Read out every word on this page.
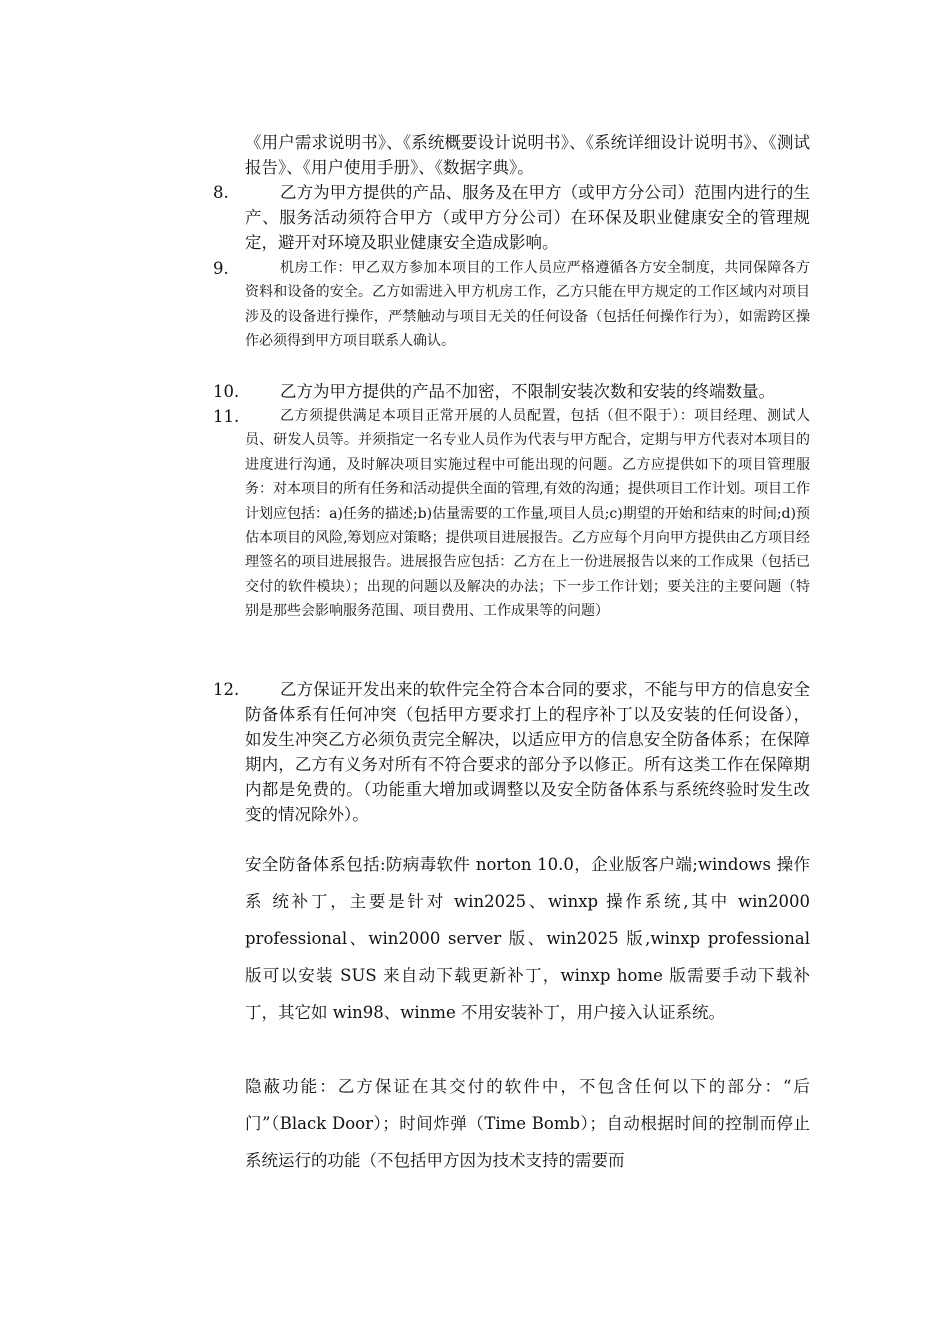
《用户需求说明书》、《系统概要设计说明书》、《系统详细设计说明书》、《测试报告》、《用户使用手册》、《数据字典》。
8.	乙方为甲方提供的产品、服务及在甲方（或甲方分公司）范围内进行的生产、服务活动须符合甲方（或甲方分公司）在环保及职业健康安全的管理规定，避开对环境及职业健康安全造成影响。
9.	机房工作：甲乙双方参加本项目的工作人员应严格遵循各方安全制度，共同保障各方资料和设备的安全。乙方如需进入甲方机房工作，乙方只能在甲方规定的工作区域内对项目涉及的设备进行操作，严禁触动与项目无关的任何设备（包括任何操作行为），如需跨区操作必须得到甲方项目联系人确认。
10.	乙方为甲方提供的产品不加密，不限制安装次数和安装的终端数量。
11.	乙方须提供满足本项目正常开展的人员配置，包括（但不限于）：项目经理、测试人员、研发人员等。并须指定一名专业人员作为代表与甲方配合，定期与甲方代表对本项目的进度进行沟通，及时解决项目实施过程中可能出现的问题。乙方应提供如下的项目管理服务：对本项目的所有任务和活动提供全面的管理,有效的沟通；提供项目工作计划。项目工作计划应包括：a)任务的描述;b)估量需要的工作量,项目人员;c)期望的开始和结束的时间;d)预估本项目的风险,筹划应对策略；提供项目进展报告。乙方应每个月向甲方提供由乙方项目经理签名的项目进展报告。进展报告应包括：乙方在上一份进展报告以来的工作成果（包括已交付的软件模块）；出现的问题以及解决的办法；下一步工作计划；要关注的主要问题（特别是那些会影响服务范围、项目费用、工作成果等的问题）
12.	乙方保证开发出来的软件完全符合本合同的要求，不能与甲方的信息安全防备体系有任何冲突（包括甲方要求打上的程序补丁以及安装的任何设备），如发生冲突乙方必须负责完全解决，以适应甲方的信息安全防备体系；在保障期内，乙方有义务对所有不符合要求的部分予以修正。所有这类工作在保障期内都是免费的。（功能重大增加或调整以及安全防备体系与系统终验时发生改变的情况除外）。
安全防备体系包括:防病毒软件 norton 10.0，企业版客户端;windows 操作系 统补丁，主要是针对 win2025、winxp 操作系统,其中 win2000 professional、win2000 server 版、win2025 版,winxp professional 版可以安装 SUS 来自动下载更新补丁，winxp home 版需要手动下载补丁，其它如 win98、winme 不用安装补丁，用户接入认证系统。
隐蔽功能：乙方保证在其交付的软件中，不包含任何以下的部分：“后门”（Black Door）；时间炸弹（Time Bomb）；自动根据时间的控制而停止系统运行的功能（不包括甲方因为技术支持的需要而
